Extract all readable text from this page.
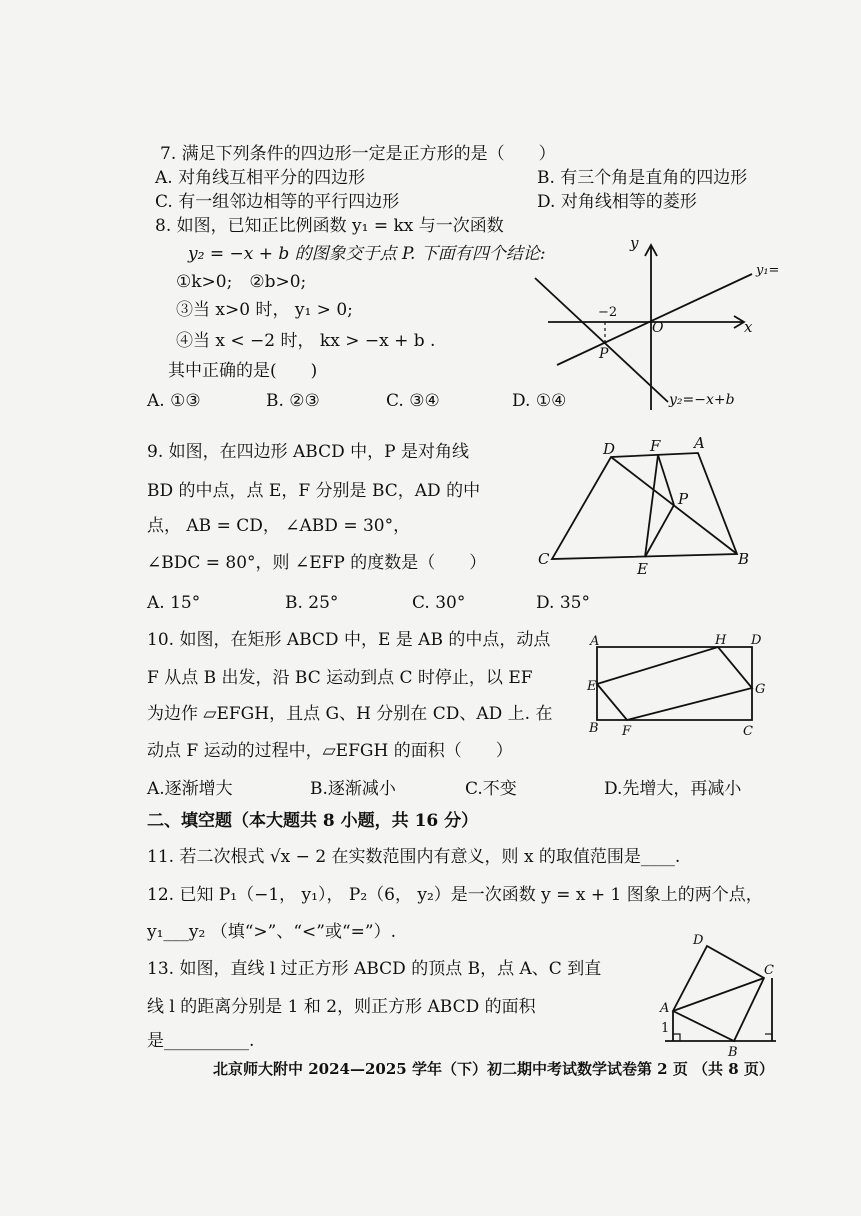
7. 满足下列条件的四边形一定是正方形的是（　　）
A. 对角线互相平分的四边形	B. 有三个角是直角的四边形
C. 有一组邻边相等的平行四边形	D. 对角线相等的菱形
8. 如图，已知正比例函数 y₁ = kx 与一次函数
y₂ = −x + b 的图象交于点 P. 下面有四个结论:
①k>0;　②b>0;
③当 x>0 时， y₁ > 0;
④当 x < −2 时， kx > −x + b .
其中正确的是(　　)
A. ①③	B. ②③	C. ③④	D. ①④
y
x
O
−2
P
y₁=
y₂=−x+b
9. 如图，在四边形 ABCD 中，P 是对角线
BD 的中点，点 E，F 分别是 BC，AD 的中
点， AB = CD， ∠ABD = 30°，
∠BDC = 80°，则 ∠EFP 的度数是（　　）
A. 15°	B. 25°	C. 30°	D. 35°
D F A
P
C
E
B
10. 如图，在矩形 ABCD 中，E 是 AB 的中点，动点
F 从点 B 出发，沿 BC 运动到点 C 时停止，以 EF
为边作 ▱EFGH，且点 G、H 分别在 CD、AD 上. 在
动点 F 运动的过程中，▱EFGH 的面积（　　）
A.逐渐增大	B.逐渐减小	C.不变	D.先增大，再减小
A	H D
E	G
B F	C
二、填空题（本大题共 8 小题，共 16 分）
11. 若二次根式 √x − 2 在实数范围内有意义，则 x 的取值范围是____.
12. 已知 P₁（−1， y₁）， P₂（6， y₂）是一次函数 y = x + 1 图象上的两个点，
y₁___y₂ （填“>”、“<”或“=”）.
13. 如图，直线 l 过正方形 ABCD 的顶点 B，点 A、C 到直
线 l 的距离分别是 1 和 2，则正方形 ABCD 的面积
是__________.
D
C
A
1
B
北京师大附中 2024—2025 学年（下）初二期中考试数学试卷第 2 页 （共 8 页）
